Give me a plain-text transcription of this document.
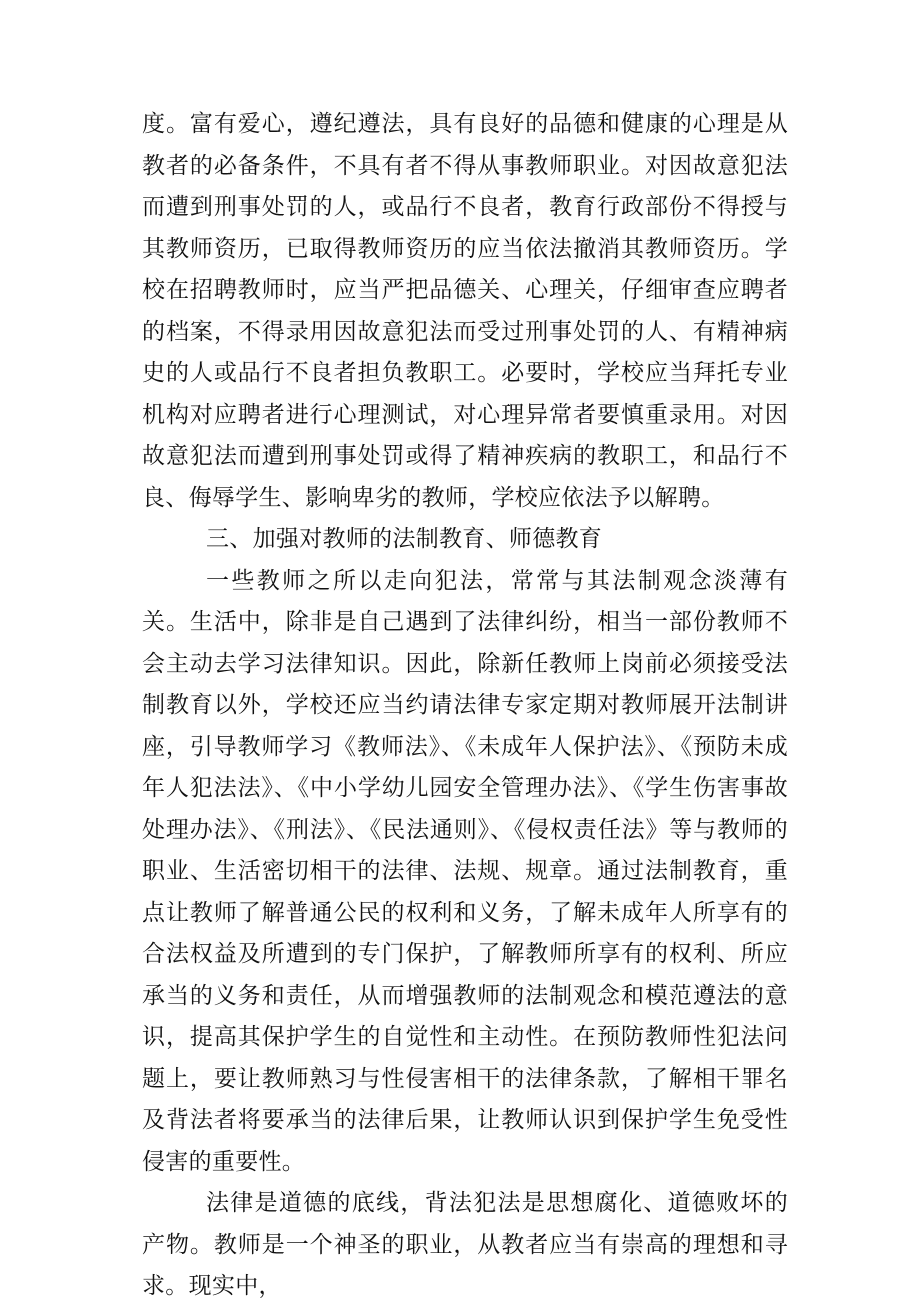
度。富有爱心，遵纪遵法，具有良好的品德和健康的心理是从教者的必备条件，不具有者不得从事教师职业。对因故意犯法而遭到刑事处罚的人，或品行不良者，教育行政部份不得授与其教师资历，已取得教师资历的应当依法撤消其教师资历。学校在招聘教师时，应当严把品德关、心理关，仔细审查应聘者的档案，不得录用因故意犯法而受过刑事处罚的人、有精神病史的人或品行不良者担负教职工。必要时，学校应当拜托专业机构对应聘者进行心理测试，对心理异常者要慎重录用。对因故意犯法而遭到刑事处罚或得了精神疾病的教职工，和品行不良、侮辱学生、影响卑劣的教师，学校应依法予以解聘。

三、加强对教师的法制教育、师德教育

一些教师之所以走向犯法，常常与其法制观念淡薄有关。生活中，除非是自己遇到了法律纠纷，相当一部份教师不会主动去学习法律知识。因此，除新任教师上岗前必须接受法制教育以外，学校还应当约请法律专家定期对教师展开法制讲座，引导教师学习《教师法》、《未成年人保护法》、《预防未成年人犯法法》、《中小学幼儿园安全管理办法》、《学生伤害事故处理办法》、《刑法》、《民法通则》、《侵权责任法》等与教师的职业、生活密切相干的法律、法规、规章。通过法制教育，重点让教师了解普通公民的权利和义务，了解未成年人所享有的合法权益及所遭到的专门保护，了解教师所享有的权利、所应承当的义务和责任，从而增强教师的法制观念和模范遵法的意识，提高其保护学生的自觉性和主动性。在预防教师性犯法问题上，要让教师熟习与性侵害相干的法律条款，了解相干罪名及背法者将要承当的法律后果，让教师认识到保护学生免受性侵害的重要性。

法律是道德的底线，背法犯法是思想腐化、道德败坏的产物。教师是一个神圣的职业，从教者应当有崇高的理想和寻求。现实中，
